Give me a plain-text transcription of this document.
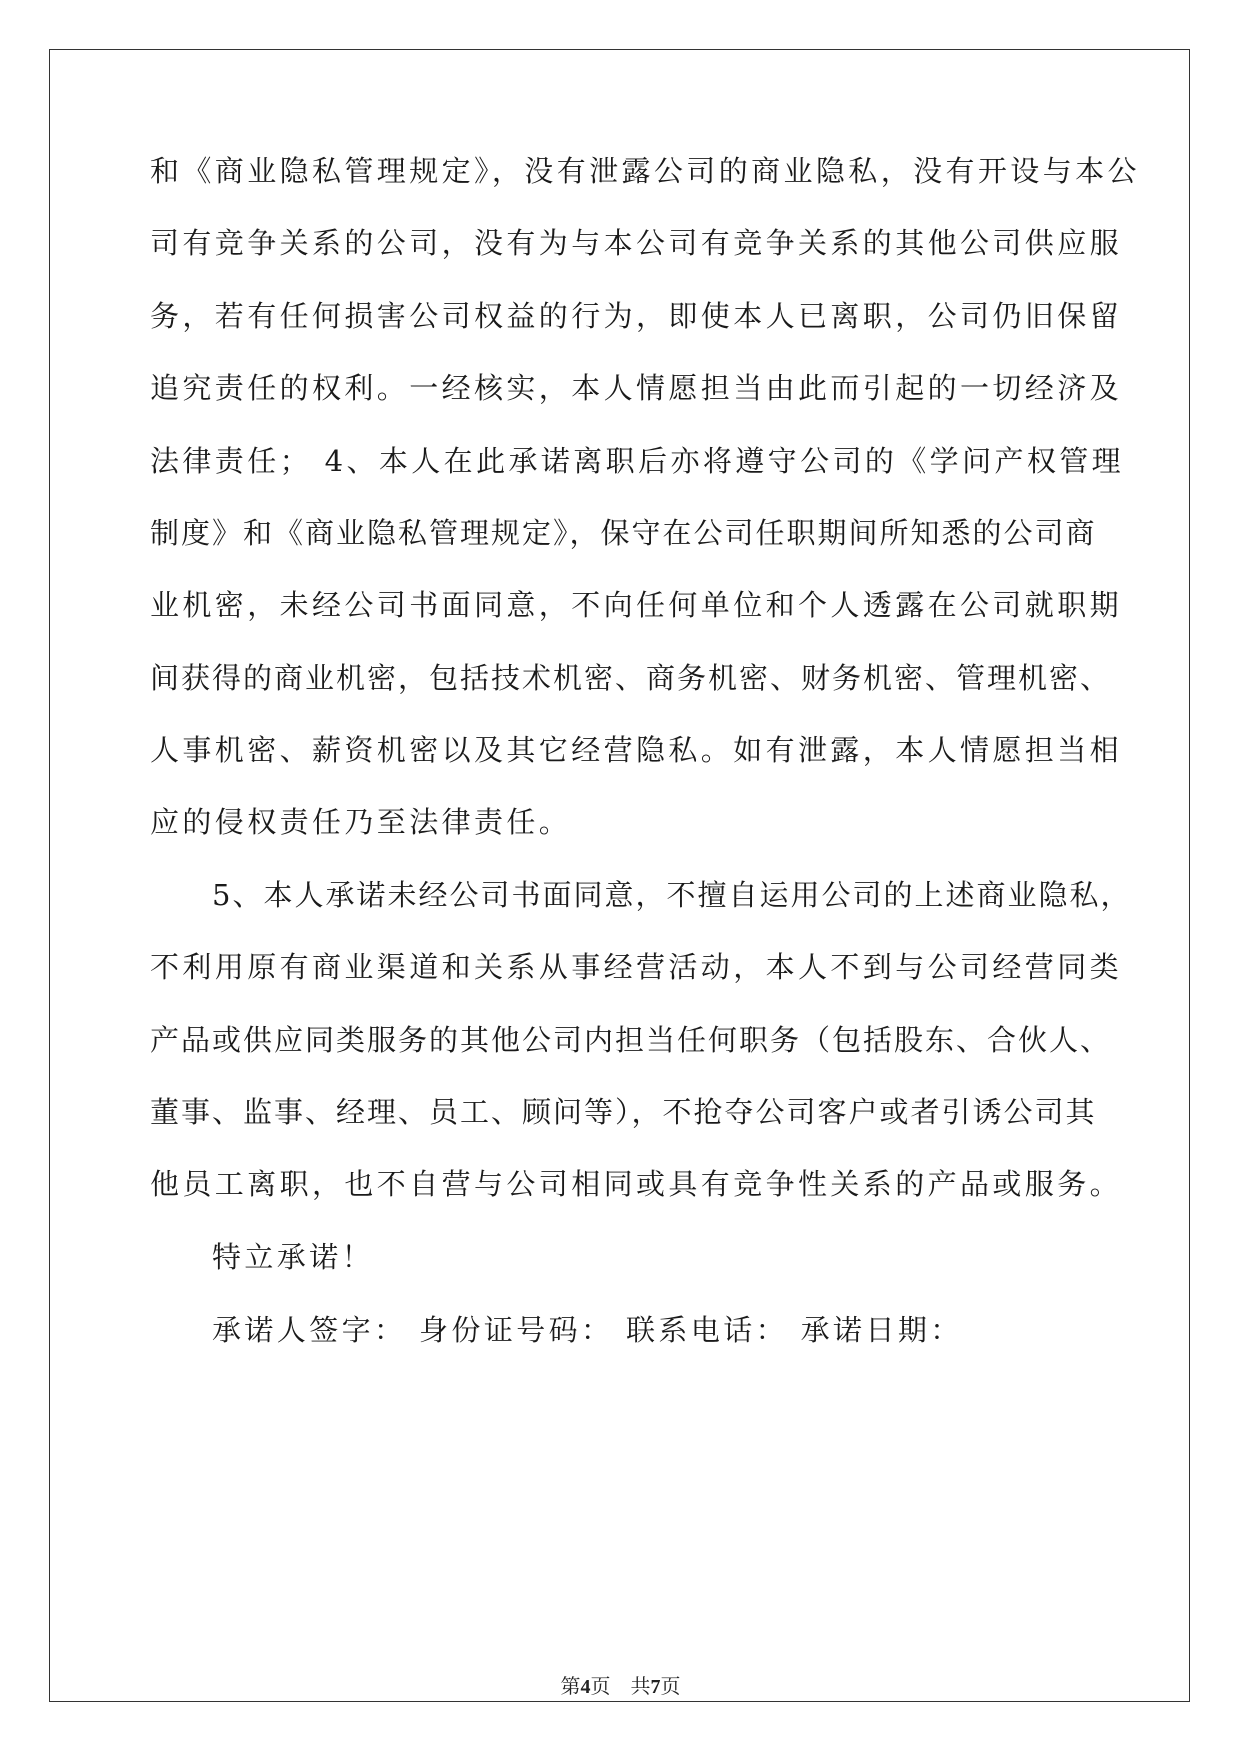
和《商业隐私管理规定》，没有泄露公司的商业隐私，没有开设与本公
司有竞争关系的公司，没有为与本公司有竞争关系的其他公司供应服
务，若有任何损害公司权益的行为，即使本人已离职，公司仍旧保留
追究责任的权利。一经核实，本人情愿担当由此而引起的一切经济及
法律责任； 4、本人在此承诺离职后亦将遵守公司的《学问产权管理
制度》和《商业隐私管理规定》，保守在公司任职期间所知悉的公司商
业机密，未经公司书面同意，不向任何单位和个人透露在公司就职期
间获得的商业机密，包括技术机密、商务机密、财务机密、管理机密、
人事机密、薪资机密以及其它经营隐私。如有泄露，本人情愿担当相
应的侵权责任乃至法律责任。
5、本人承诺未经公司书面同意，不擅自运用公司的上述商业隐私，
不利用原有商业渠道和关系从事经营活动，本人不到与公司经营同类
产品或供应同类服务的其他公司内担当任何职务（包括股东、合伙人、
董事、监事、经理、员工、顾问等），不抢夺公司客户或者引诱公司其
他员工离职，也不自营与公司相同或具有竞争性关系的产品或服务。
特立承诺！
承诺人签字： 身份证号码： 联系电话： 承诺日期：
第4页 共7页
